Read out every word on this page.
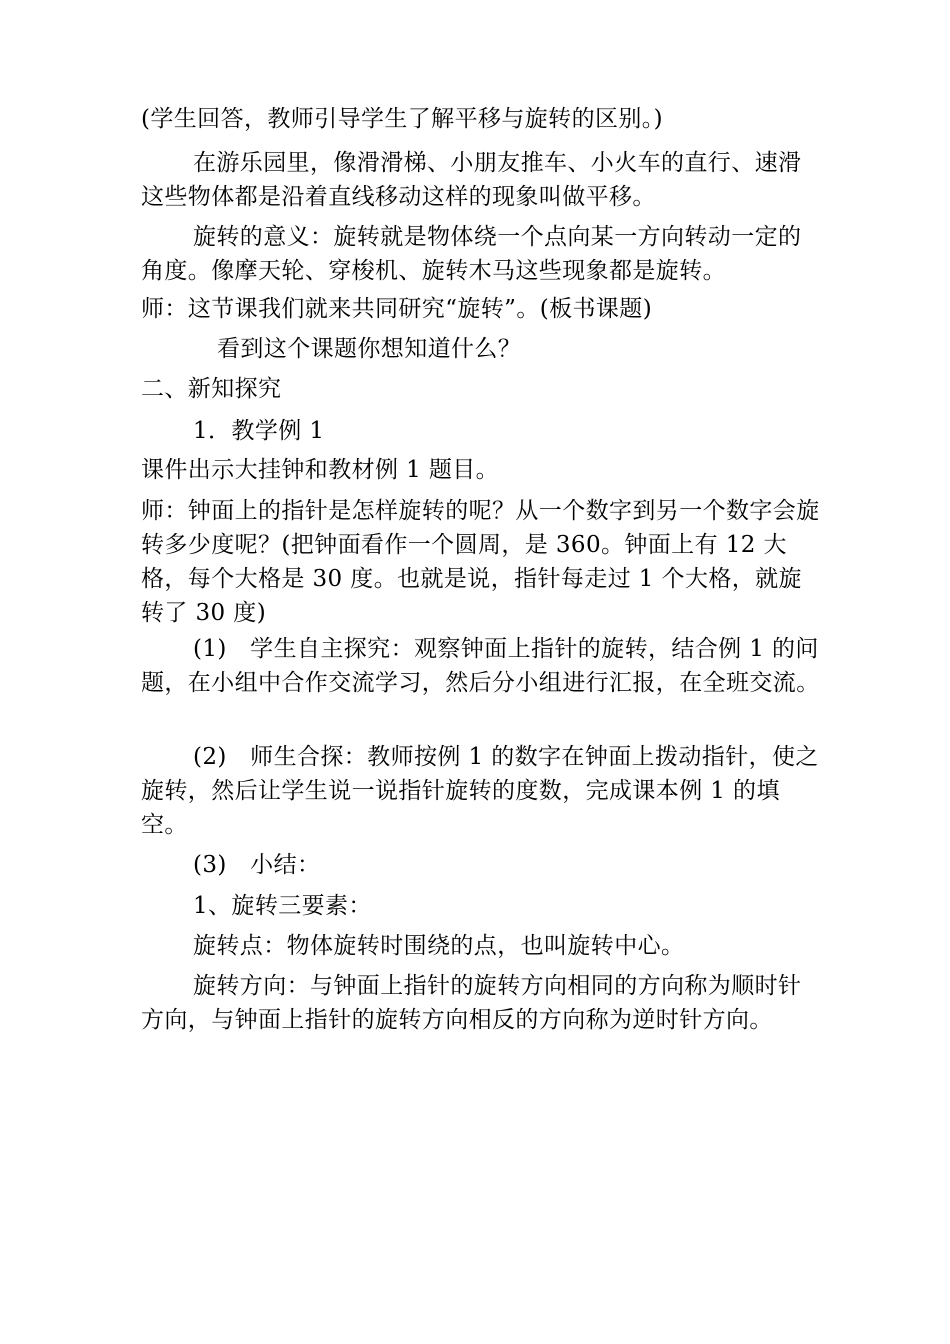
(学生回答，教师引导学生了解平移与旋转的区别。)

在游乐园里，像滑滑梯、小朋友推车、小火车的直行、速滑这些物体都是沿着直线移动这样的现象叫做平移。

旋转的意义：旋转就是物体绕一个点向某一方向转动一定的角度。像摩天轮、穿梭机、旋转木马这些现象都是旋转。

师：这节课我们就来共同研究“旋转”。(板书课题)

看到这个课题你想知道什么？

二、新知探究

1．教学例 1

课件出示大挂钟和教材例 1 题目。

师：钟面上的指针是怎样旋转的呢？从一个数字到另一个数字会旋转多少度呢？(把钟面看作一个圆周，是 360。钟面上有 12 大格，每个大格是 30 度。也就是说，指针每走过 1 个大格，就旋转了 30 度)

(1)　学生自主探究：观察钟面上指针的旋转，结合例 1 的问题，在小组中合作交流学习，然后分小组进行汇报，在全班交流。

(2)　师生合探：教师按例 1 的数字在钟面上拨动指针，使之旋转，然后让学生说一说指针旋转的度数，完成课本例 1 的填空。

(3)　小结：

1、旋转三要素：

旋转点：物体旋转时围绕的点，也叫旋转中心。

旋转方向：与钟面上指针的旋转方向相同的方向称为顺时针方向，与钟面上指针的旋转方向相反的方向称为逆时针方向。
